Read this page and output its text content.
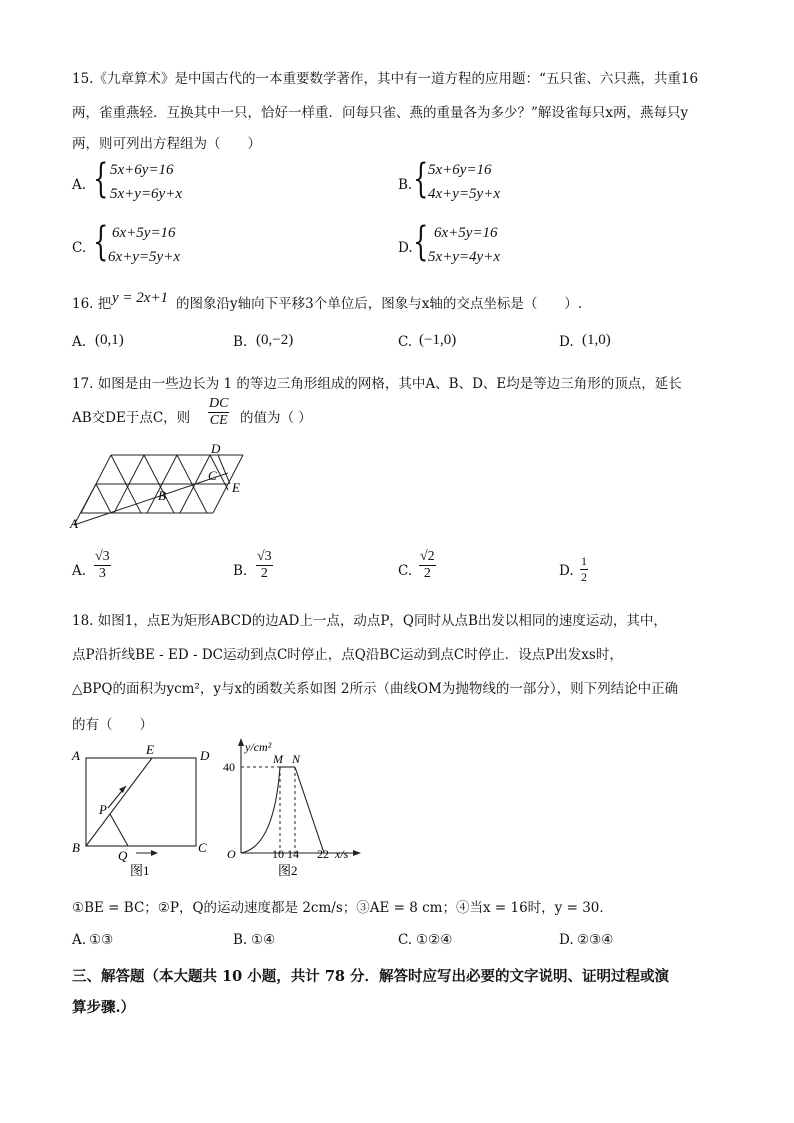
15.《九章算术》是中国古代的一本重要数学著作，其中有一道方程的应用题：“五只雀、六只燕，共重16
两，雀重燕轻．互换其中一只，恰好一样重．问每只雀、燕的重量各为多少？”解设雀每只x两，燕每只y
两，则可列出方程组为（　　）
A. { 5x+6y=16
5x+y=6y+x
B. { 5x+6y=16
4x+y=5y+x
C. { 6x+5y=16
6x+y=5y+x
D. { 6x+5y=16
5x+y=4y+x
16. 把 y = 2x+1 的图象沿y轴向下平移3个单位后，图象与x轴的交点坐标是（　　）.
A. (0,1)	B. (0,−2)	C. (−1,0)	D. (1,0)
17. 如图是由一些边长为 1 的等边三角形组成的网格，其中A、B、D、E均是等边三角形的顶点，延长
AB交DE于点C，则 $\frac{DC}{CE}$ 的值为（ ）
D
C
E
B
A
A. $\frac{√3}{3}$	B. $\frac{√3}{2}$	C. $\frac{√2}{2}$	D. $\frac{1}{2}$
18. 如图1，点E为矩形ABCD的边AD上一点，动点P，Q同时从点B出发以相同的速度运动，其中，
点P沿折线BE - ED - DC运动到点C时停止，点Q沿BC运动到点C时停止．设点P出发xs时，
△BPQ的面积为ycm²，y与x的函数关系如图 2所示（曲线OM为抛物线的一部分），则下列结论中正确
的有（　　）
A	E	D
P
B
Q
C
图1
y/cm²
40
M N
O	10 14 22 x/s
图2
①BE = BC；②P，Q的运动速度都是 2cm/s；③AE = 8 cm；④当x = 16时，y = 30．
A. ①③	B. ①④	C. ①②④	D. ②③④
三、解答题（本大题共 10 小题，共计 78 分．解答时应写出必要的文字说明、证明过程或演
算步骤.）
